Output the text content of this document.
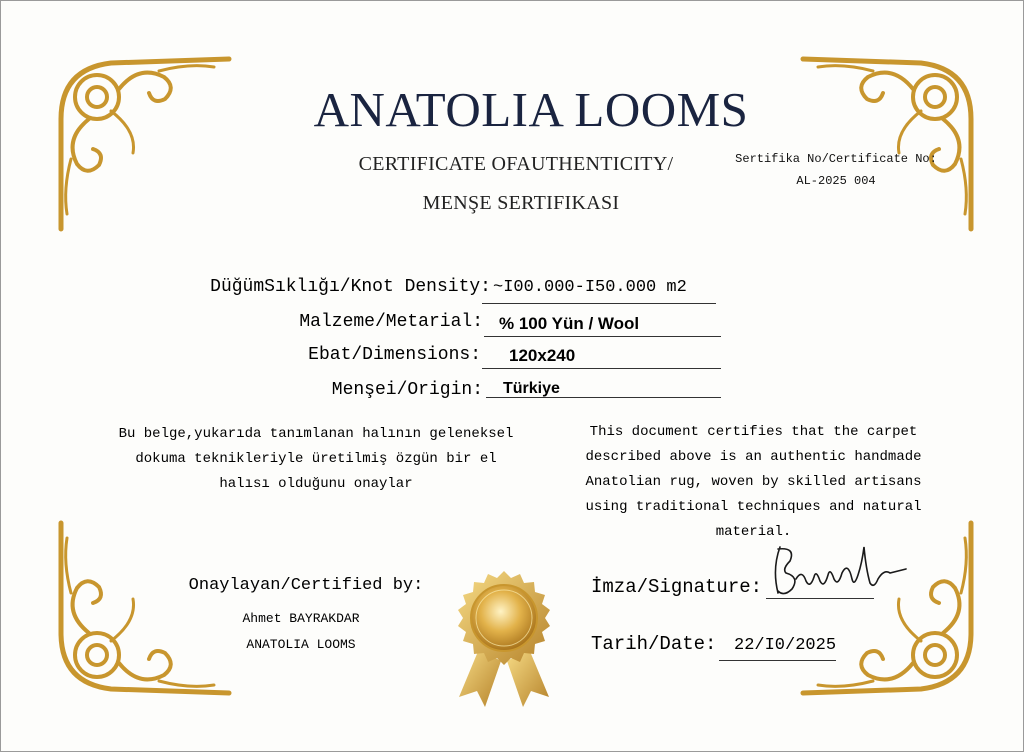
ANATOLIA LOOMS
CERTIFICATE OFAUTHENTICITY/
MENŞE SERTIFIKASI
Sertifika No/Certificate No:
AL-2025 004
DüğümSıklığı/Knot Density: ~I00.000-I50.000 m2
Malzeme/Metarial: % 100 Yün / Wool
Ebat/Dimensions: 120x240
Menşei/Origin: Türkiye
Bu belge,yukarıda tanımlanan halının geleneksel
dokuma teknikleriyle üretilmiş özgün bir el
halısı olduğunu onaylar
This document certifies that the carpet
described above is an authentic handmade
Anatolian rug, woven by skilled artisans
using traditional techniques and natural
material.
Onaylayan/Certified by:
Ahmet BAYRAKDAR
ANATOLIA LOOMS
İmza/Signature:
Tarih/Date: 22/I0/2025
